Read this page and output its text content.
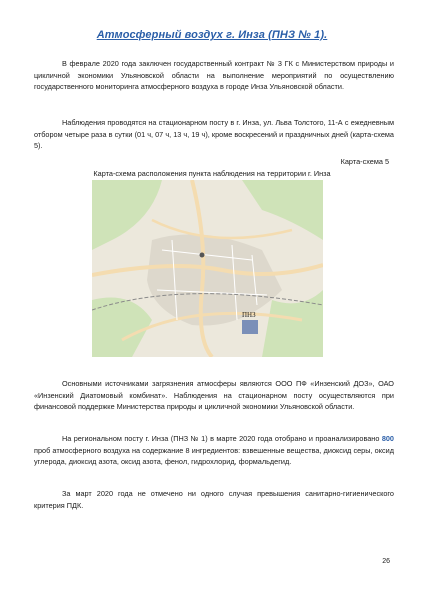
Атмосферный воздух г. Инза (ПНЗ № 1).

В феврале 2020 года заключен государственный контракт № 3 ГК с Министерством природы и цикличной экономики Ульяновской области на выполнение мероприятий по осуществлению государственного мониторинга атмосферного воздуха в городе Инза Ульяновской области.

Наблюдения проводятся на стационарном посту в г. Инза, ул. Льва Толстого, 11-А с ежедневным отбором четыре раза в сутки (01 ч, 07 ч, 13 ч, 19 ч), кроме воскресений и праздничных дней (карта-схема 5).

Карта-схема 5
Карта-схема расположения пункта наблюдения на территории г. Инза
ПНЗ

Основными источниками загрязнения атмосферы являются ООО ПФ «Инзенский ДОЗ», ОАО «Инзенский Диатомовый комбинат». Наблюдения на стационарном посту осуществляются при финансовой поддержке Министерства природы и цикличной экономики Ульяновской области.

На региональном посту г. Инза (ПНЗ № 1) в марте 2020 года отобрано и проанализировано 800 проб атмосферного воздуха на содержание 8 ингредиентов: взвешенные вещества, диоксид серы, оксид углерода, диоксид азота, оксид азота, фенол, гидрохлорид, формальдегид.

За март 2020 года не отмечено ни одного случая превышения санитарно-гигиенического критерия ПДК.

26
